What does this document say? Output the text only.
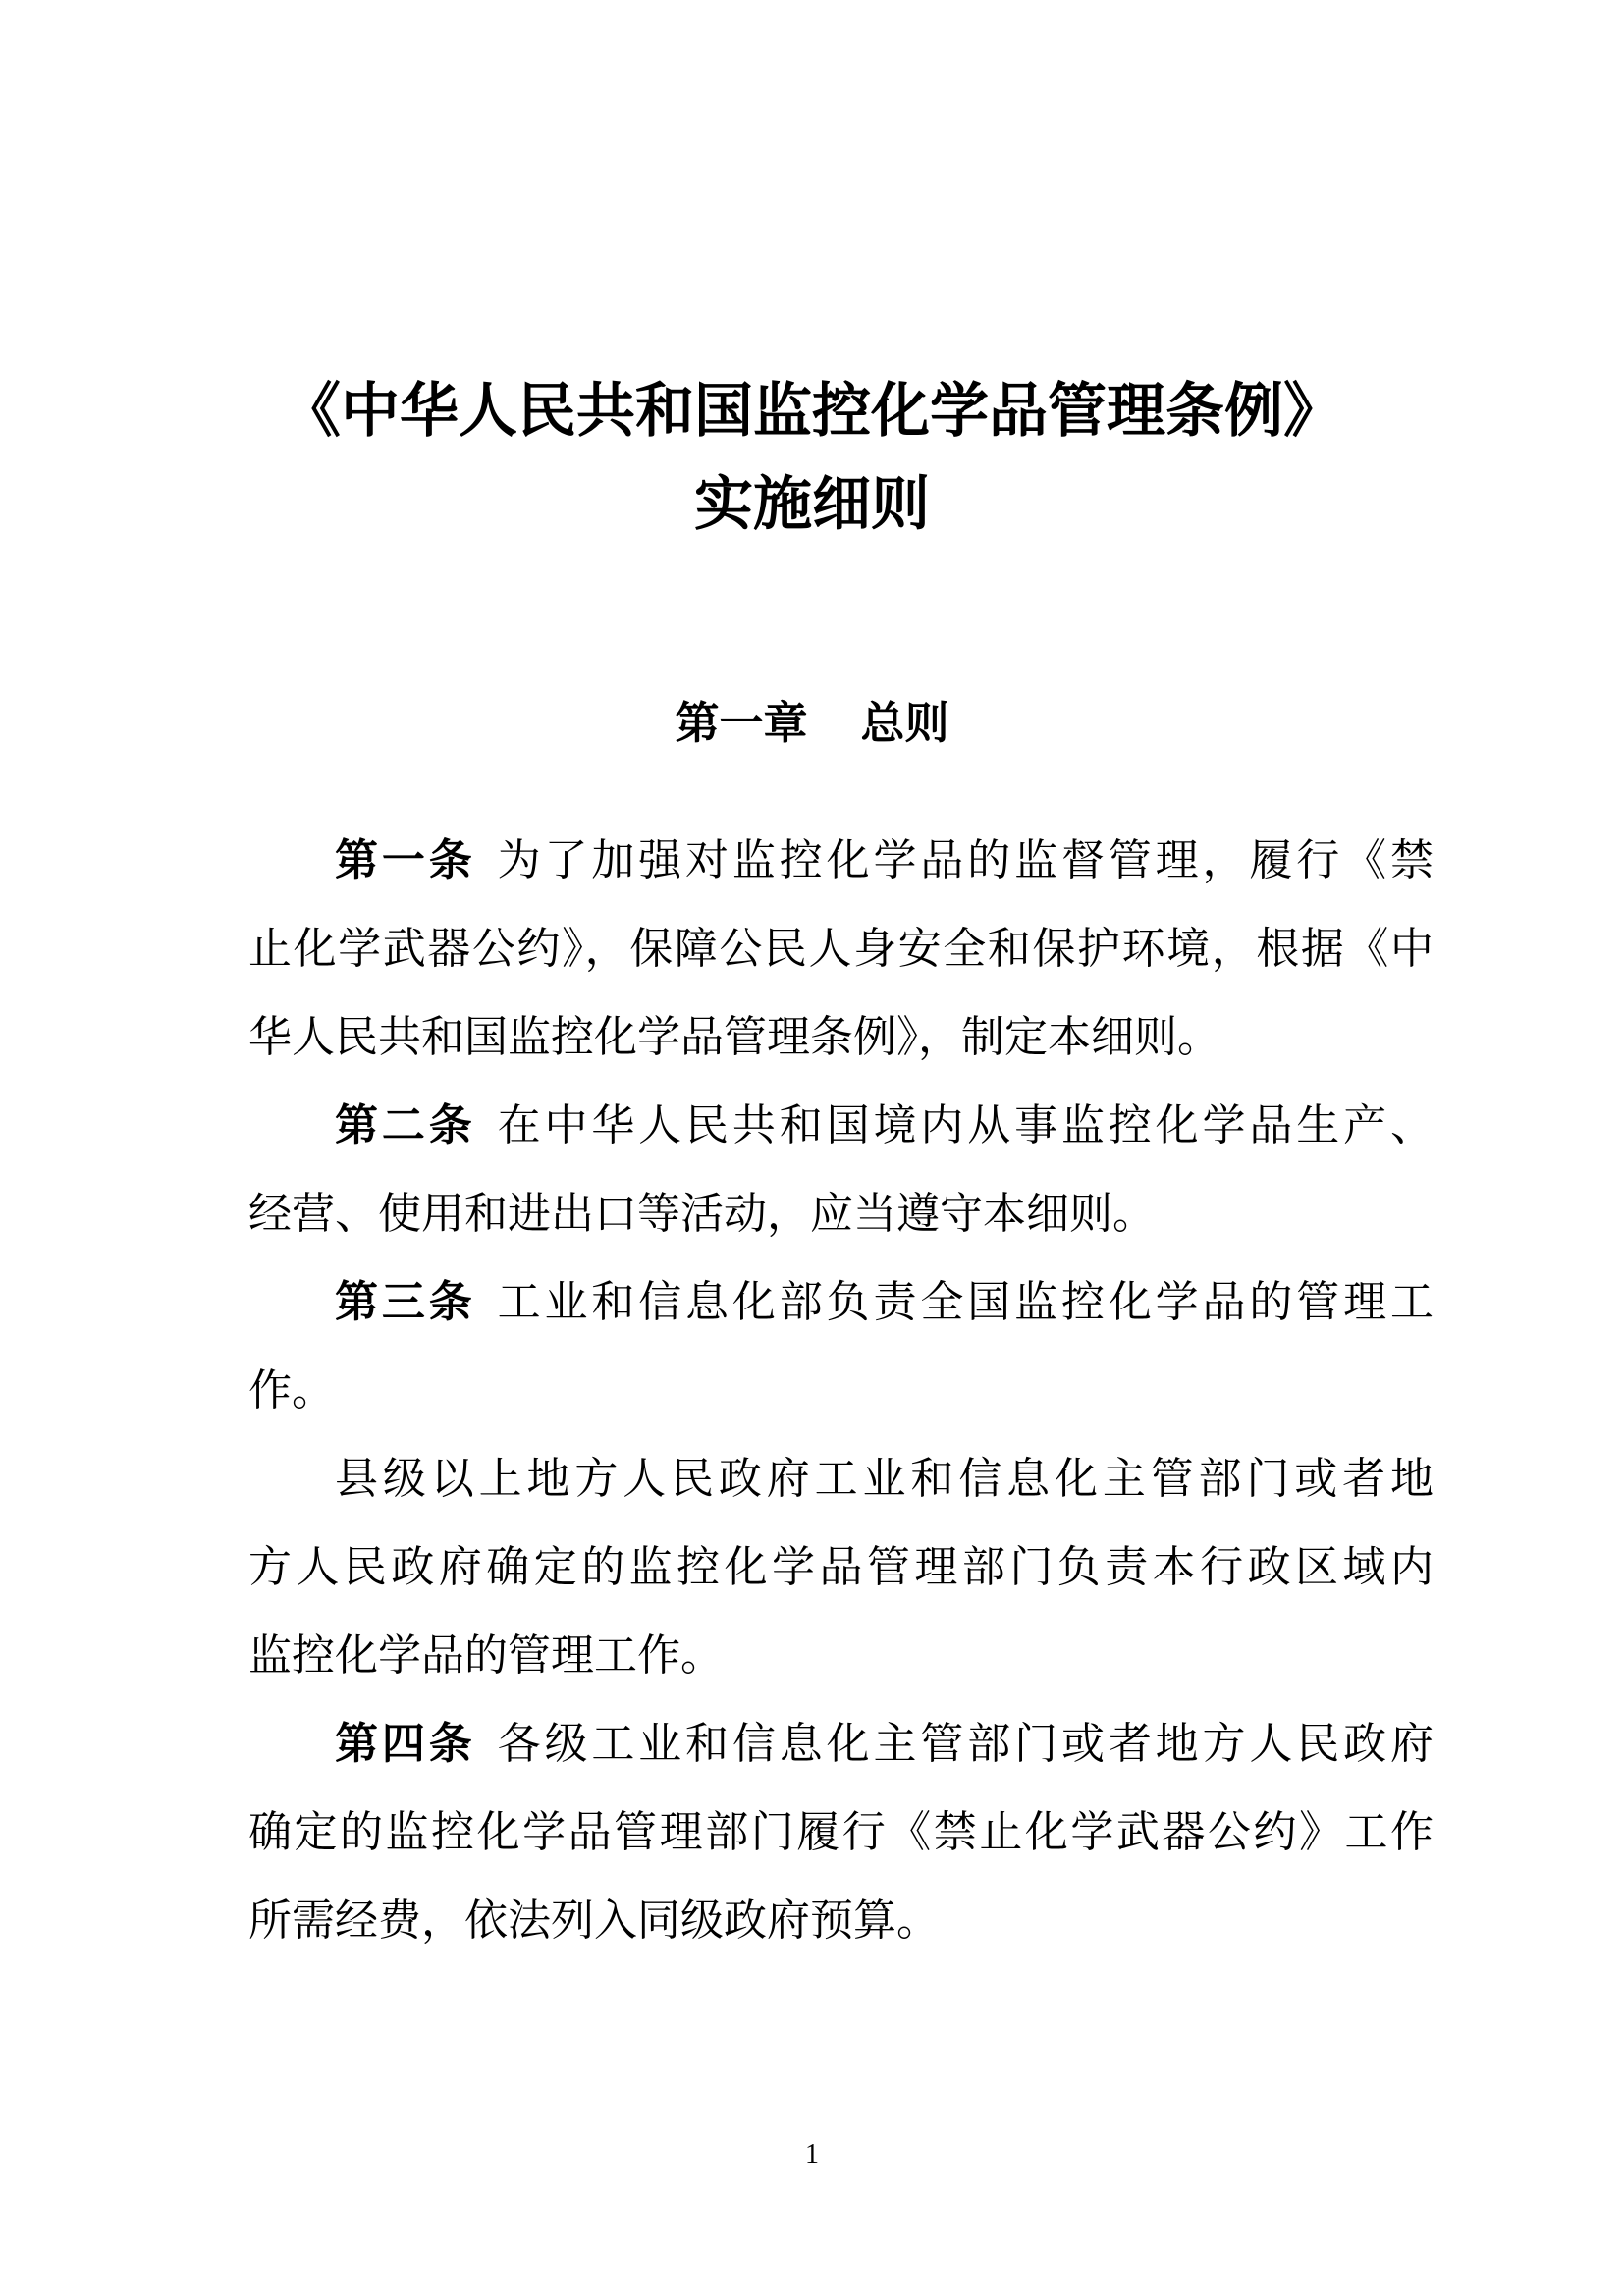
《中华人民共和国监控化学品管理条例》
实施细则
第一章 总则
第一条 为了加强对监控化学品的监督管理，履行《禁
止化学武器公约》，保障公民人身安全和保护环境，根据《中
华人民共和国监控化学品管理条例》，制定本细则。
第二条 在中华人民共和国境内从事监控化学品生产、
经营、使用和进出口等活动，应当遵守本细则。
第三条 工业和信息化部负责全国监控化学品的管理工
作。
县级以上地方人民政府工业和信息化主管部门或者地
方人民政府确定的监控化学品管理部门负责本行政区域内
监控化学品的管理工作。
第四条 各级工业和信息化主管部门或者地方人民政府
确定的监控化学品管理部门履行《禁止化学武器公约》工作
所需经费，依法列入同级政府预算。
1
